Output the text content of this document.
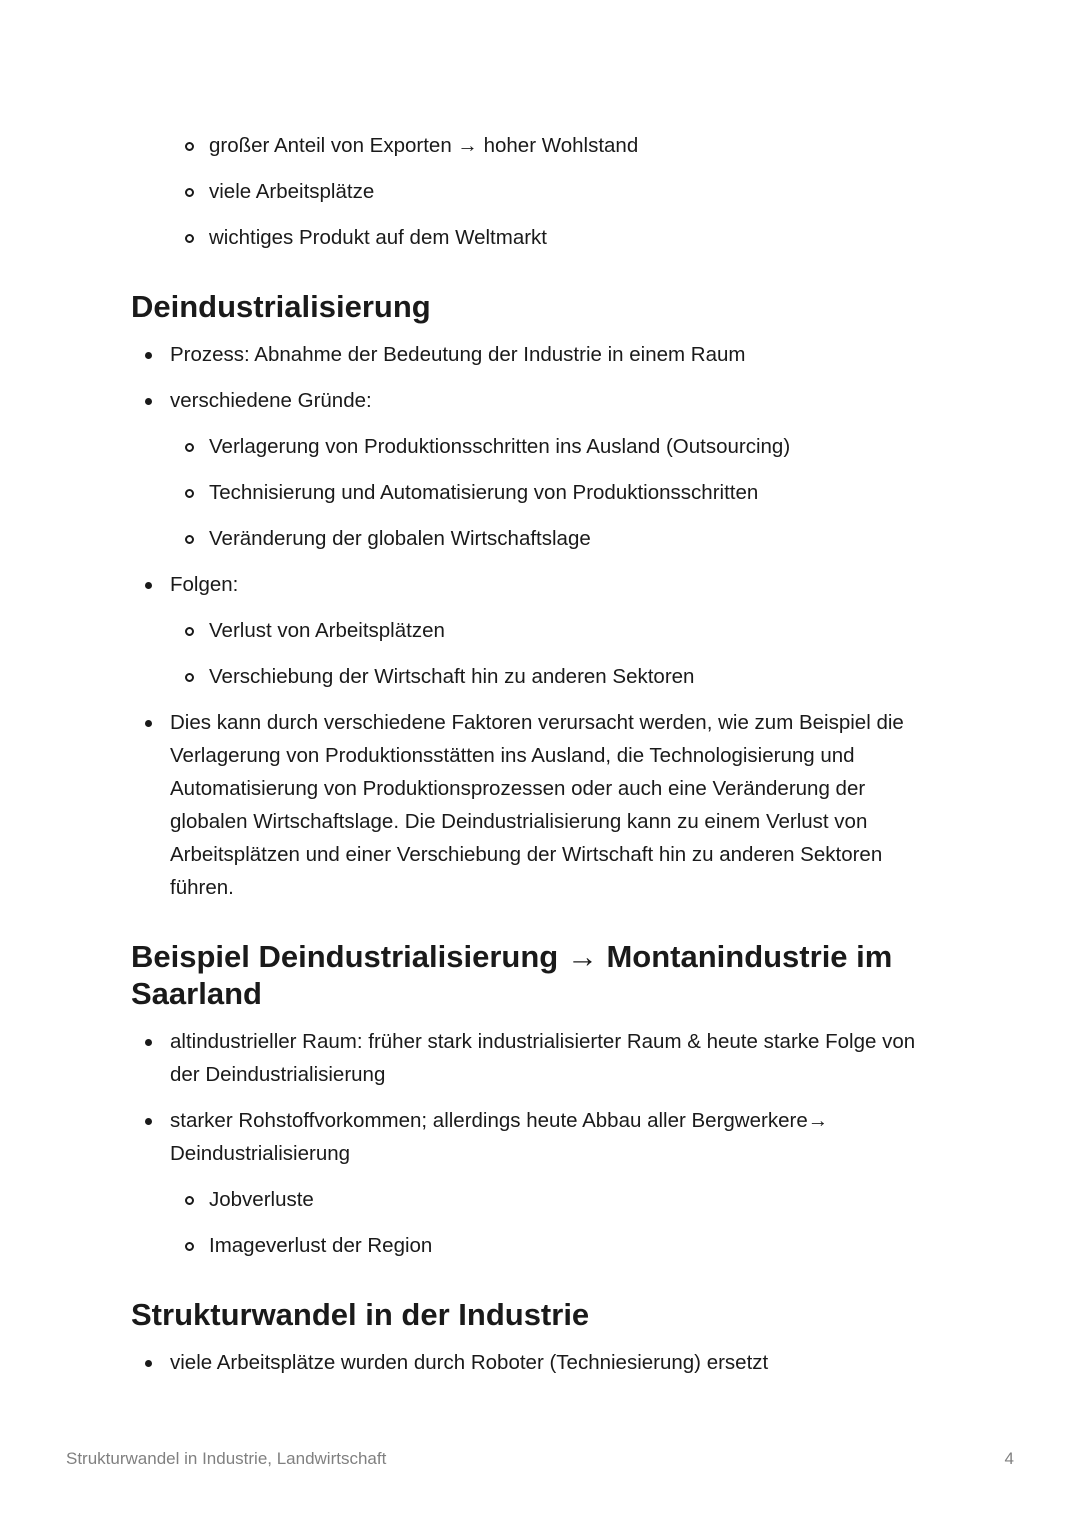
großer Anteil von Exporten → hoher Wohlstand
viele Arbeitsplätze
wichtiges Produkt auf dem Weltmarkt
Deindustrialisierung
Prozess: Abnahme der Bedeutung der Industrie in einem Raum
verschiedene Gründe:
Verlagerung von Produktionsschritten ins Ausland (Outsourcing)
Technisierung und Automatisierung von Produktionsschritten
Veränderung der globalen Wirtschaftslage
Folgen:
Verlust von Arbeitsplätzen
Verschiebung der Wirtschaft hin zu anderen Sektoren
Dies kann durch verschiedene Faktoren verursacht werden, wie zum Beispiel die Verlagerung von Produktionsstätten ins Ausland, die Technologisierung und Automatisierung von Produktionsprozessen oder auch eine Veränderung der globalen Wirtschaftslage. Die Deindustrialisierung kann zu einem Verlust von Arbeitsplätzen und einer Verschiebung der Wirtschaft hin zu anderen Sektoren führen.
Beispiel Deindustrialisierung → Montanindustrie im Saarland
altindustrieller Raum: früher stark industrialisierter Raum & heute starke Folge von der Deindustrialisierung
starker Rohstoffvorkommen; allerdings heute Abbau aller Bergwerkere→ Deindustrialisierung
Jobverluste
Imageverlust der Region
Strukturwandel in der Industrie
viele Arbeitsplätze wurden durch Roboter (Techniesierung) ersetzt
Strukturwandel in Industrie, Landwirtschaft	4
